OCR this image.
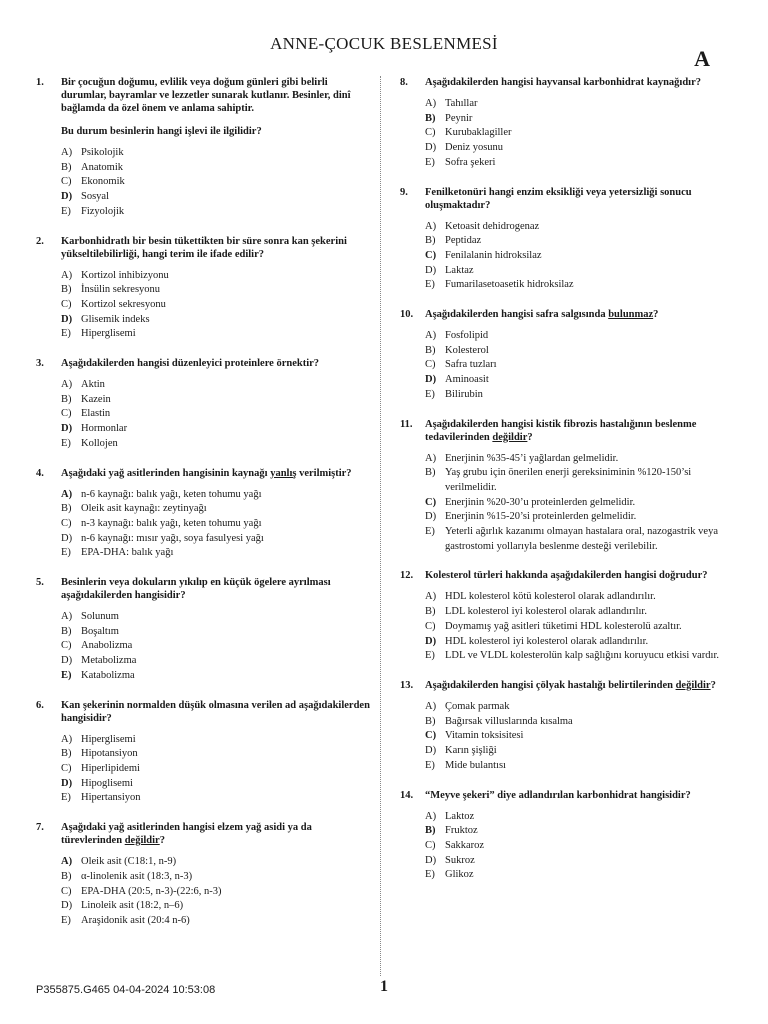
ANNE-ÇOCUK BESLENMESİ
A
1.	Bir çocuğun doğumu, evlilik veya doğum günleri gibi belirli durumlar, bayramlar ve lezzetler sunarak kutlanır. Besinler, dinî bağlamda da özel önem ve anlama sahiptir.
Bu durum besinlerin hangi işlevi ile ilgilidir?
A) Psikolojik
B) Anatomik
C) Ekonomik
D) Sosyal
E) Fizyolojik
2.	Karbonhidratlı bir besin tükettikten bir süre sonra kan şekerini yükseltilebilirliği, hangi terim ile ifade edilir?
A) Kortizol inhibizyonu
B) İnsülin sekresyonu
C) Kortizol sekresyonu
D) Glisemik indeks
E) Hiperglisemi
3.	Aşağıdakilerden hangisi düzenleyici proteinlere örnektir?
A) Aktin
B) Kazein
C) Elastin
D) Hormonlar
E) Kollojen
4.	Aşağıdaki yağ asitlerinden hangisinin kaynağı yanlış verilmiştir?
A) n-6 kaynağı: balık yağı, keten tohumu yağı
B) Oleik asit kaynağı: zeytinyağı
C) n-3 kaynağı: balık yağı, keten tohumu yağı
D) n-6 kaynağı: mısır yağı, soya fasulyesi yağı
E) EPA-DHA: balık yağı
5.	Besinlerin veya dokuların yıkılıp en küçük ögelere ayrılması aşağıdakilerden hangisidir?
A) Solunum
B) Boşaltım
C) Anabolizma
D) Metabolizma
E) Katabolizma
6.	Kan şekerinin normalden düşük olmasına verilen ad aşağıdakilerden hangisidir?
A) Hiperglisemi
B) Hipotansiyon
C) Hiperlipidemi
D) Hipoglisemi
E) Hipertansiyon
7.	Aşağıdaki yağ asitlerinden hangisi elzem yağ asidi ya da türevlerinden değildir?
A) Oleik asit (C18:1, n-9)
B) α-linolenik asit (18:3, n-3)
C) EPA-DHA (20:5, n-3)-(22:6, n-3)
D) Linoleik asit (18:2, n–6)
E) Araşidonik asit (20:4 n-6)
8.	Aşağıdakilerden hangisi hayvansal karbonhidrat kaynağıdır?
A) Tahıllar
B) Peynir
C) Kurubaklagiller
D) Deniz yosunu
E) Sofra şekeri
9.	Fenilketonüri hangi enzim eksikliği veya yetersizliği sonucu oluşmaktadır?
A) Ketoasit dehidrogenaz
B) Peptidaz
C) Fenilalanin hidroksilaz
D) Laktaz
E) Fumarilasetoasetik hidroksilaz
10.	Aşağıdakilerden hangisi safra salgısında bulunmaz?
A) Fosfolipid
B) Kolesterol
C) Safra tuzları
D) Aminoasit
E) Bilirubin
11.	Aşağıdakilerden hangisi kistik fibrozis hastalığının beslenme tedavilerinden değildir?
A) Enerjinin %35-45’i yağlardan gelmelidir.
B) Yaş grubu için önerilen enerji gereksiniminin %120-150’si verilmelidir.
C) Enerjinin %20-30’u proteinlerden gelmelidir.
D) Enerjinin %15-20’si proteinlerden gelmelidir.
E) Yeterli ağırlık kazanımı olmayan hastalara oral, nazogastrik veya gastrostomi yollarıyla beslenme desteği verilebilir.
12.	Kolesterol türleri hakkında aşağıdakilerden hangisi doğrudur?
A) HDL kolesterol kötü kolesterol olarak adlandırılır.
B) LDL kolesterol iyi kolesterol olarak adlandırılır.
C) Doymamış yağ asitleri tüketimi HDL kolesterolü azaltır.
D) HDL kolesterol iyi kolesterol olarak adlandırılır.
E) LDL ve VLDL kolesterolün kalp sağlığını koruyucu etkisi vardır.
13.	Aşağıdakilerden hangisi çölyak hastalığı belirtilerinden değildir?
A) Çomak parmak
B) Bağırsak villuslarında kısalma
C) Vitamin toksisitesi
D) Karın şişliği
E) Mide bulantısı
14.	“Meyve şekeri” diye adlandırılan karbonhidrat hangisidir?
A) Laktoz
B) Fruktoz
C) Sakkaroz
D) Sukroz
E) Glikoz
1
P355875.G465 04-04-2024 10:53:08
